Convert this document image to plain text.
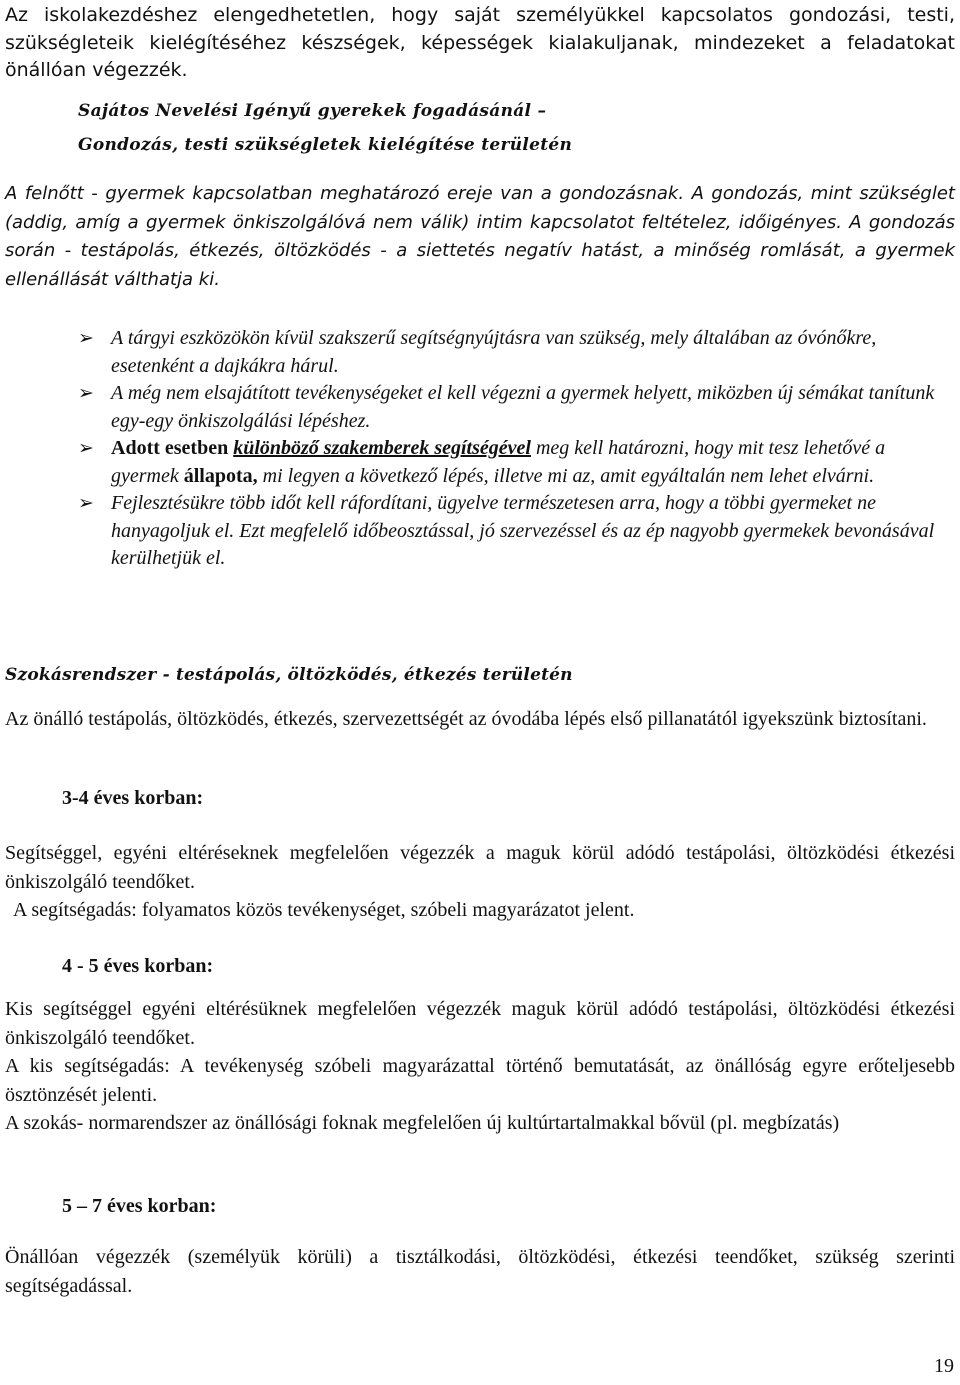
Az iskolakezdéshez elengedhetetlen, hogy saját személyükkel kapcsolatos gondozási, testi, szükségleteik kielégítéséhez készségek, képességek kialakuljanak, mindezeket a feladatokat önállóan végezzék.
Sajátos Nevelési Igényű gyerekek fogadásánál –
Gondozás, testi szükségletek kielégítése területén
A felnőtt - gyermek kapcsolatban meghatározó ereje van a gondozásnak. A gondozás, mint szükséglet (addig, amíg a gyermek önkiszolgálóvá nem válik) intim kapcsolatot feltételez, időigényes. A gondozás során - testápolás, étkezés, öltözködés - a siettetés negatív hatást, a minőség romlását, a gyermek ellenállását válthatja ki.
➢ A tárgyi eszközökön kívül szakszerű segítségnyújtásra van szükség, mely általában az óvónőkre, esetenként a dajkákra hárul.
➢ A még nem elsajátított tevékenységeket el kell végezni a gyermek helyett, miközben új sémákat tanítunk egy-egy önkiszolgálási lépéshez.
➢ Adott esetben különböző szakemberek segítségével meg kell határozni, hogy mit tesz lehetővé a gyermek állapota, mi legyen a következő lépés, illetve mi az, amit egyáltalán nem lehet elvárni.
➢ Fejlesztésükre több időt kell ráfordítani, ügyelve természetesen arra, hogy a többi gyermeket ne hanyagoljuk el. Ezt megfelelő időbeosztással, jó szervezéssel és az ép nagyobb gyermekek bevonásával kerülhetjük el.
Szokásrendszer - testápolás, öltözködés, étkezés területén
Az önálló testápolás, öltözködés, étkezés, szervezettségét az óvodába lépés első pillanatától igyekszünk biztosítani.
3-4 éves korban:
Segítséggel, egyéni eltéréseknek megfelelően végezzék a maguk körül adódó testápolási, öltözködési étkezési önkiszolgáló teendőket.
A segítségadás: folyamatos közös tevékenységet, szóbeli magyarázatot jelent.
4 - 5 éves korban:
Kis segítséggel egyéni eltérésüknek megfelelően végezzék maguk körül adódó testápolási, öltözködési étkezési önkiszolgáló teendőket.
A kis segítségadás: A tevékenység szóbeli magyarázattal történő bemutatását, az önállóság egyre erőteljesebb ösztönzését jelenti.
A szokás- normarendszer az önállósági foknak megfelelően új kultúrtartalmakkal bővül (pl. megbízatás)
5 – 7 éves korban:
Önállóan végezzék (személyük körüli) a tisztálkodási, öltözködési, étkezési teendőket, szükség szerinti segítségadással.
19
